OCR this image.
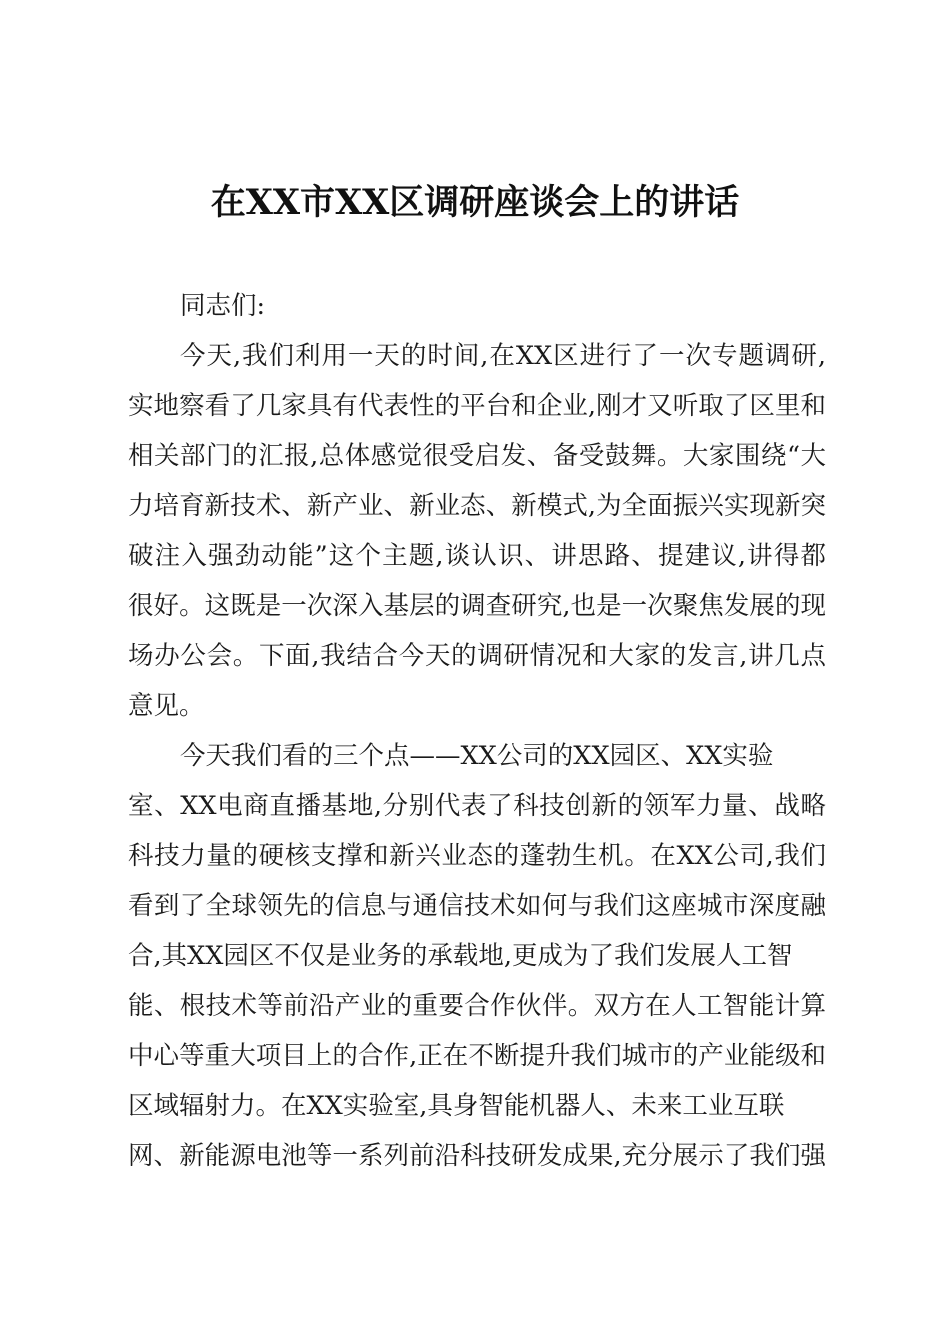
在XX市XX区调研座谈会上的讲话
同志们:
今天,我们利用一天的时间,在XX区进行了一次专题调研,
实地察看了几家具有代表性的平台和企业,刚才又听取了区里和
相关部门的汇报,总体感觉很受启发、备受鼓舞。大家围绕“大
力培育新技术、新产业、新业态、新模式,为全面振兴实现新突
破注入强劲动能”这个主题,谈认识、讲思路、提建议,讲得都
很好。这既是一次深入基层的调查研究,也是一次聚焦发展的现
场办公会。下面,我结合今天的调研情况和大家的发言,讲几点
意见。
今天我们看的三个点——XX公司的XX园区、XX实验
室、XX电商直播基地,分别代表了科技创新的领军力量、战略
科技力量的硬核支撑和新兴业态的蓬勃生机。在XX公司,我们
看到了全球领先的信息与通信技术如何与我们这座城市深度融
合,其XX园区不仅是业务的承载地,更成为了我们发展人工智
能、根技术等前沿产业的重要合作伙伴。双方在人工智能计算
中心等重大项目上的合作,正在不断提升我们城市的产业能级和
区域辐射力。在XX实验室,具身智能机器人、未来工业互联
网、新能源电池等一系列前沿科技研发成果,充分展示了我们强
